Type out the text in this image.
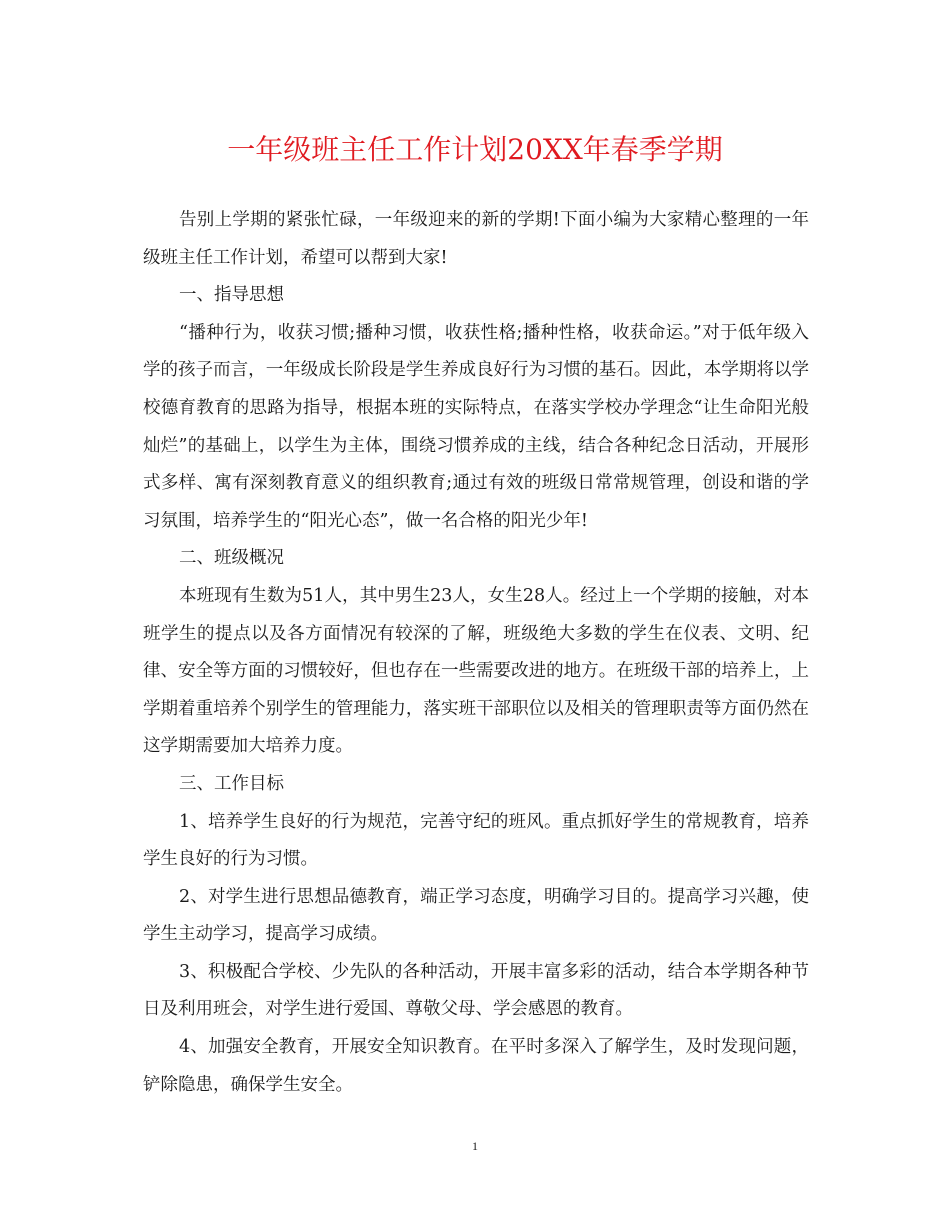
一年级班主任工作计划20XX年春季学期

告别上学期的紧张忙碌，一年级迎来的新的学期!下面小编为大家精心整理的一年级班主任工作计划，希望可以帮到大家!

一、指导思想

“播种行为，收获习惯;播种习惯，收获性格;播种性格，收获命运。”对于低年级入学的孩子而言，一年级成长阶段是学生养成良好行为习惯的基石。因此，本学期将以学校德育教育的思路为指导，根据本班的实际特点，在落实学校办学理念“让生命阳光般灿烂”的基础上，以学生为主体，围绕习惯养成的主线，结合各种纪念日活动，开展形式多样、寓有深刻教育意义的组织教育;通过有效的班级日常常规管理，创设和谐的学习氛围，培养学生的“阳光心态”，做一名合格的阳光少年!

二、班级概况

本班现有生数为51人，其中男生23人，女生28人。经过上一个学期的接触，对本班学生的提点以及各方面情况有较深的了解，班级绝大多数的学生在仪表、文明、纪律、安全等方面的习惯较好，但也存在一些需要改进的地方。在班级干部的培养上，上学期着重培养个别学生的管理能力，落实班干部职位以及相关的管理职责等方面仍然在这学期需要加大培养力度。

三、工作目标

1、培养学生良好的行为规范，完善守纪的班风。重点抓好学生的常规教育，培养学生良好的行为习惯。

2、对学生进行思想品德教育，端正学习态度，明确学习目的。提高学习兴趣，使学生主动学习，提高学习成绩。

3、积极配合学校、少先队的各种活动，开展丰富多彩的活动，结合本学期各种节日及利用班会，对学生进行爱国、尊敬父母、学会感恩的教育。

4、加强安全教育，开展安全知识教育。在平时多深入了解学生，及时发现问题，铲除隐患，确保学生安全。

1
